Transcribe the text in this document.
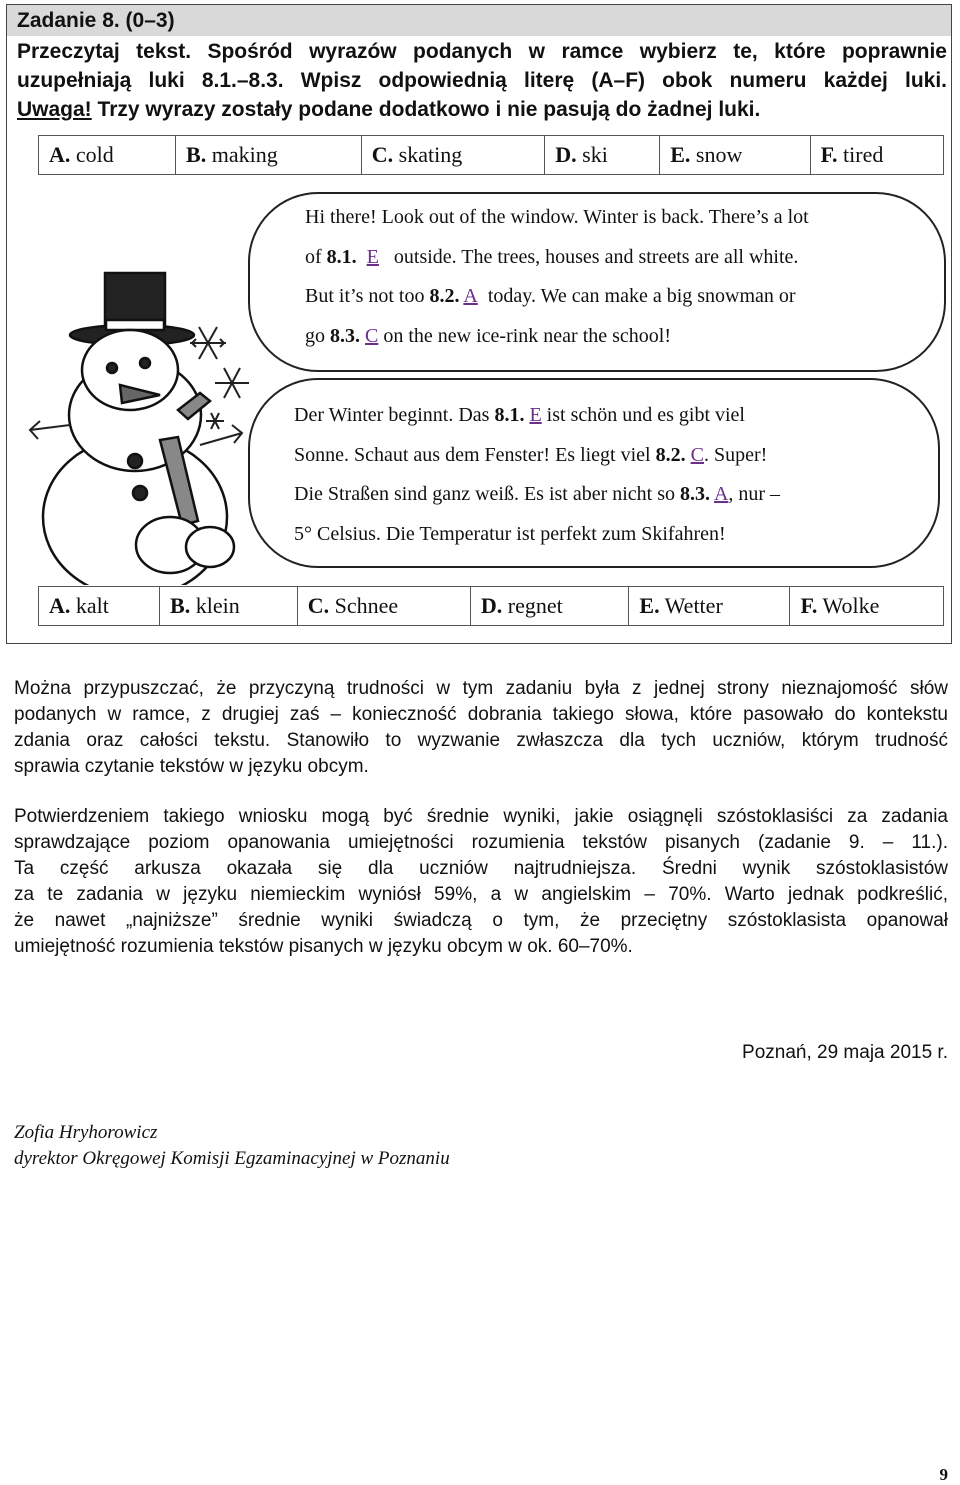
Zadanie 8. (0–3)
Przeczytaj tekst. Spośród wyrazów podanych w ramce wybierz te, które poprawnie
uzupełniają luki 8.1.–8.3. Wpisz odpowiednią literę (A–F) obok numeru każdej luki.
Uwaga! Trzy wyrazy zostały podane dodatkowo i nie pasują do żadnej luki.
A. cold	B. making	C. skating	D. ski	E. snow	F. tired
Hi there! Look out of the window. Winter is back. There’s a lot
of 8.1. E outside. The trees, houses and streets are all white.
But it’s not too 8.2. A today. We can make a big snowman or
go 8.3. C on the new ice-rink near the school!
Der Winter beginnt. Das 8.1. E ist schön und es gibt viel
Sonne. Schaut aus dem Fenster! Es liegt viel 8.2. C. Super!
Die Straßen sind ganz weiß. Es ist aber nicht so 8.3. A, nur –
5° Celsius. Die Temperatur ist perfekt zum Skifahren!
A. kalt	B. klein	C. Schnee	D. regnet	E. Wetter	F. Wolke
Można przypuszczać, że przyczyną trudności w tym zadaniu była z jednej strony nieznajomość słów
podanych w ramce, z drugiej zaś – konieczność dobrania takiego słowa, które pasowało do kontekstu
zdania oraz całości tekstu. Stanowiło to wyzwanie zwłaszcza dla tych uczniów, którym trudność
sprawia czytanie tekstów w języku obcym.
Potwierdzeniem takiego wniosku mogą być średnie wyniki, jakie osiągnęli szóstoklasiści za zadania
sprawdzające poziom opanowania umiejętności rozumienia tekstów pisanych (zadanie 9. – 11.).
Ta część arkusza okazała się dla uczniów najtrudniejsza. Średni wynik szóstoklasistów
za te zadania w języku niemieckim wyniósł 59%, a w angielskim – 70%. Warto jednak podkreślić,
że nawet „najniższe” średnie wyniki świadczą o tym, że przeciętny szóstoklasista opanował
umiejętność rozumienia tekstów pisanych w języku obcym w ok. 60–70%.
Poznań, 29 maja 2015 r.
Zofia Hryhorowicz
dyrektor Okręgowej Komisji Egzaminacyjnej w Poznaniu
9
